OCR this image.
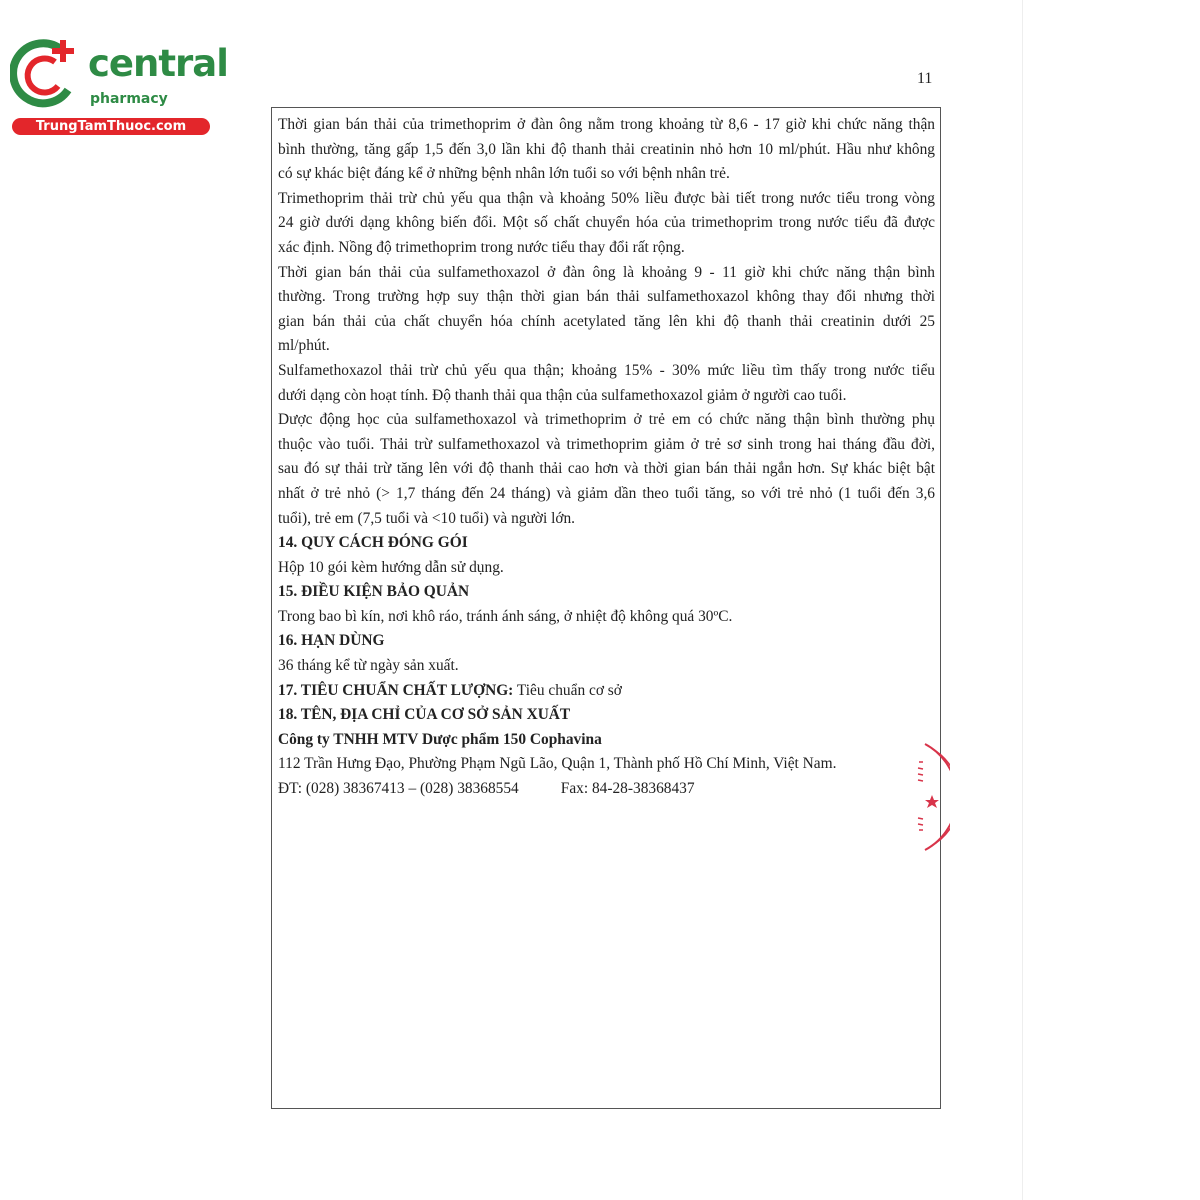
central
pharmacy
TrungTamThuoc.com
11
Thời gian bán thải của trimethoprim ở đàn ông nằm trong khoảng từ 8,6 - 17 giờ khi chức năng thận
bình thường, tăng gấp 1,5 đến 3,0 lần khi độ thanh thải creatinin nhỏ hơn 10 ml/phút. Hầu như không
có sự khác biệt đáng kể ở những bệnh nhân lớn tuổi so với bệnh nhân trẻ.
Trimethoprim thải trừ chủ yếu qua thận và khoảng 50% liều được bài tiết trong nước tiểu trong vòng
24 giờ dưới dạng không biến đổi. Một số chất chuyển hóa của trimethoprim trong nước tiểu đã được
xác định. Nồng độ trimethoprim trong nước tiểu thay đổi rất rộng.
Thời gian bán thải của sulfamethoxazol ở đàn ông là khoảng 9 - 11 giờ khi chức năng thận bình
thường. Trong trường hợp suy thận thời gian bán thải sulfamethoxazol không thay đổi nhưng thời
gian bán thải của chất chuyển hóa chính acetylated tăng lên khi độ thanh thải creatinin dưới 25
ml/phút.
Sulfamethoxazol thải trừ chủ yếu qua thận; khoảng 15% - 30% mức liều tìm thấy trong nước tiểu
dưới dạng còn hoạt tính. Độ thanh thải qua thận của sulfamethoxazol giảm ở người cao tuổi.
Dược động học của sulfamethoxazol và trimethoprim ở trẻ em có chức năng thận bình thường phụ
thuộc vào tuổi. Thải trừ sulfamethoxazol và trimethoprim giảm ở trẻ sơ sinh trong hai tháng đầu đời,
sau đó sự thải trừ tăng lên với độ thanh thải cao hơn và thời gian bán thải ngắn hơn. Sự khác biệt bật
nhất ở trẻ nhỏ (> 1,7 tháng đến 24 tháng) và giảm dần theo tuổi tăng, so với trẻ nhỏ (1 tuổi đến 3,6
tuổi), trẻ em (7,5 tuổi và <10 tuổi) và người lớn.
14. QUY CÁCH ĐÓNG GÓI
Hộp 10 gói kèm hướng dẫn sử dụng.
15. ĐIỀU KIỆN BẢO QUẢN
Trong bao bì kín, nơi khô ráo, tránh ánh sáng, ở nhiệt độ không quá 30ºC.
16. HẠN DÙNG
36 tháng kể từ ngày sản xuất.
17. TIÊU CHUẨN CHẤT LƯỢNG: Tiêu chuẩn cơ sở
18. TÊN, ĐỊA CHỈ CỦA CƠ SỞ SẢN XUẤT
Công ty TNHH MTV Dược phẩm 150 Cophavina
112 Trần Hưng Đạo, Phường Phạm Ngũ Lão, Quận 1, Thành phố Hồ Chí Minh, Việt Nam.
ĐT: (028) 38367413 – (028) 38368554	Fax: 84-28-38368437
